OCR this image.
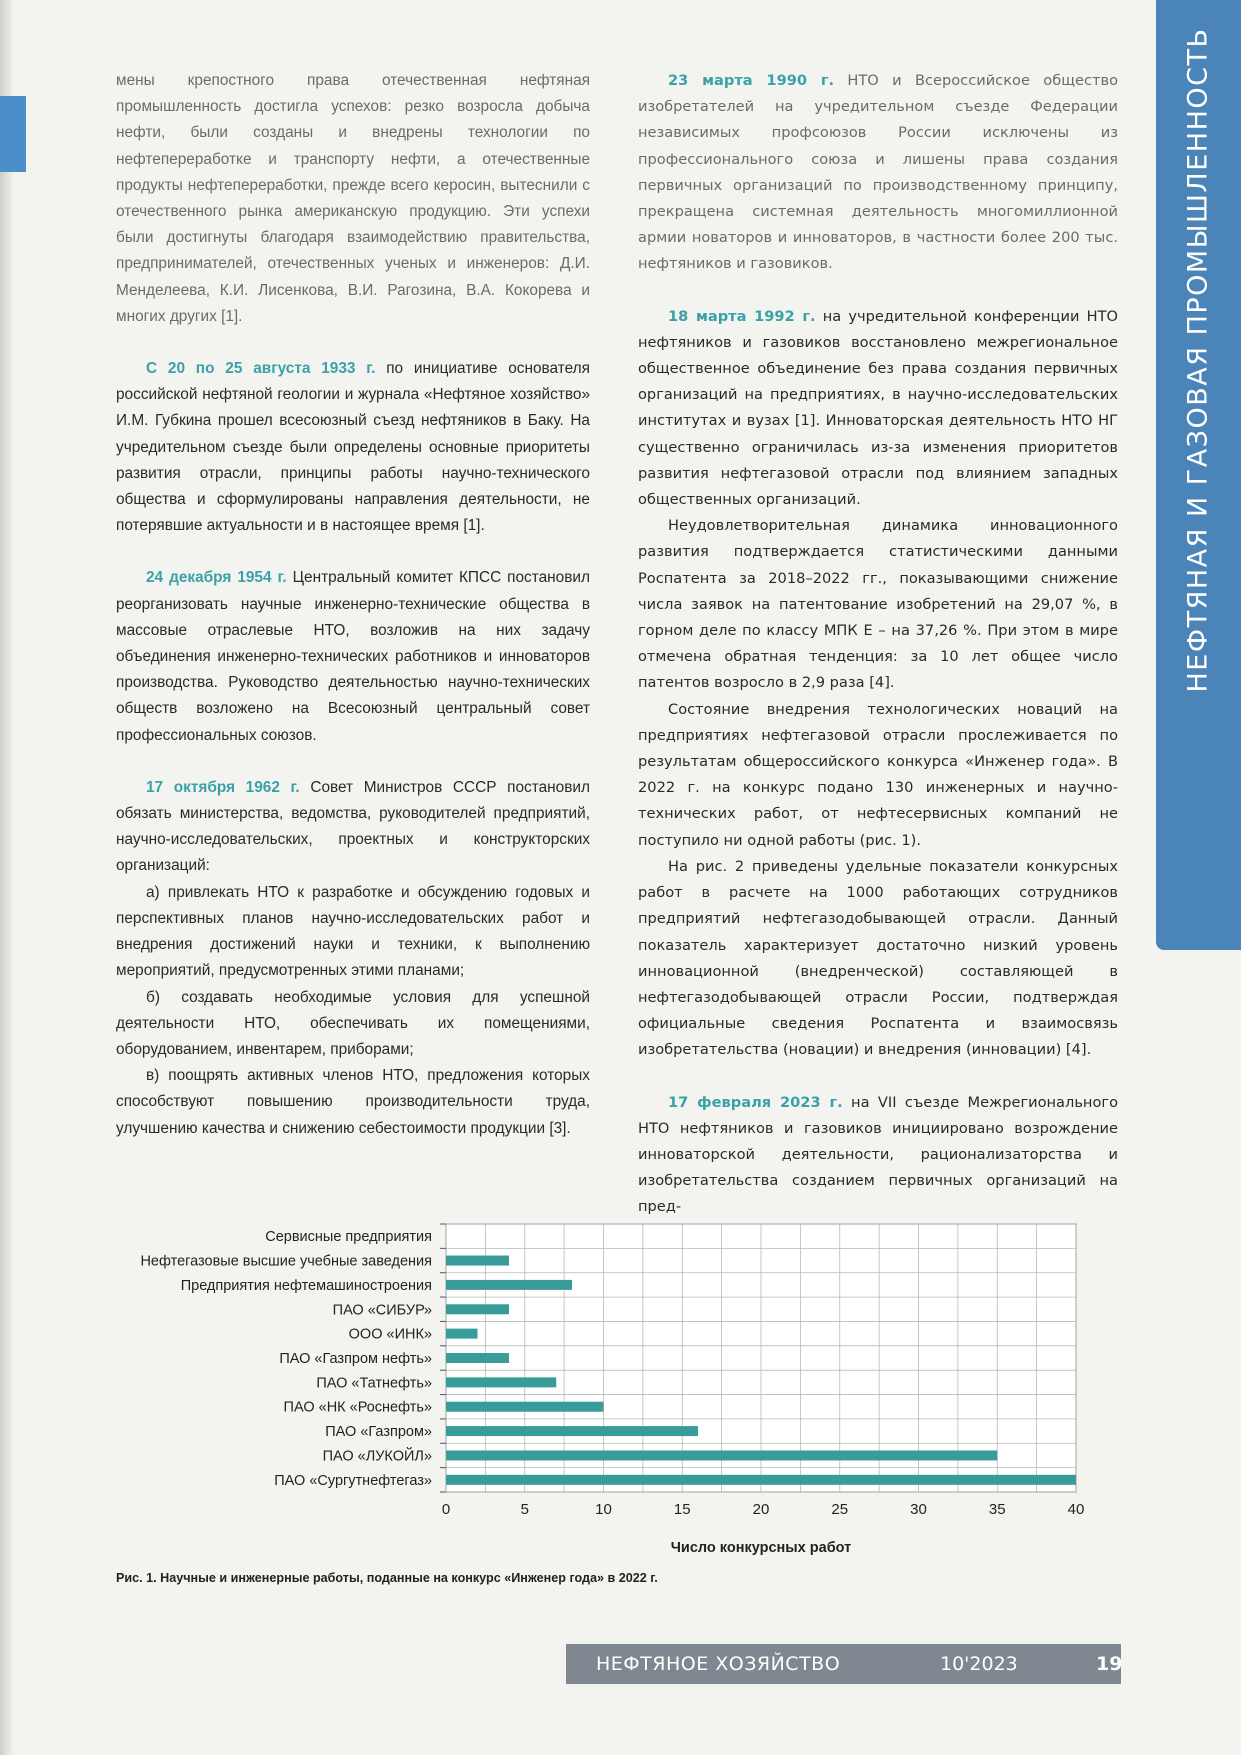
НЕФТЯНАЯ И ГАЗОВАЯ ПРОМЫШЛЕННОСТЬ

мены крепостного права отечественная нефтяная промышленность достигла успехов: резко возросла добыча нефти, были созданы и внедрены технологии по нефтепереработке и транспорту нефти, а отечественные продукты нефтепереработки, прежде всего керосин, вытеснили с отечественного рынка американскую продукцию. Эти успехи были достигнуты благодаря взаимодействию правительства, предпринимателей, отечественных ученых и инженеров: Д.И. Менделеева, К.И. Лисенкова, В.И. Рагозина, В.А. Кокорева и многих других [1].

С 20 по 25 августа 1933 г. по инициативе основателя российской нефтяной геологии и журнала «Нефтяное хозяйство» И.М. Губкина прошел всесоюзный съезд нефтяников в Баку. На учредительном съезде были определены основные приоритеты развития отрасли, принципы работы научно-технического общества и сформулированы направления деятельности, не потерявшие актуальности и в настоящее время [1].

24 декабря 1954 г. Центральный комитет КПСС постановил реорганизовать научные инженерно-технические общества в массовые отраслевые НТО, возложив на них задачу объединения инженерно-технических работников и инноваторов производства. Руководство деятельностью научно-технических обществ возложено на Всесоюзный центральный совет профессиональных союзов.

17 октября 1962 г. Совет Министров СССР постановил обязать министерства, ведомства, руководителей предприятий, научно-исследовательских, проектных и конструкторских организаций:

а) привлекать НТО к разработке и обсуждению годовых и перспективных планов научно-исследовательских работ и внедрения достижений науки и техники, к выполнению мероприятий, предусмотренных этими планами;

б) создавать необходимые условия для успешной деятельности НТО, обеспечивать их помещениями, оборудованием, инвентарем, приборами;

в) поощрять активных членов НТО, предложения которых способствуют повышению производительности труда, улучшению качества и снижению себестоимости продукции [3].

23 марта 1990 г. НТО и Всероссийское общество изобретателей на учредительном съезде Федерации независимых профсоюзов России исключены из профессионального союза и лишены права создания первичных организаций по производственному принципу, прекращена системная деятельность многомиллионной армии новаторов и инноваторов, в частности более 200 тыс. нефтяников и газовиков.

18 марта 1992 г. на учредительной конференции НТО нефтяников и газовиков восстановлено межрегиональное общественное объединение без права создания первичных организаций на предприятиях, в научно-исследовательских институтах и вузах [1]. Инноваторская деятельность НТО НГ существенно ограничилась из-за изменения приоритетов развития нефтегазовой отрасли под влиянием западных общественных организаций.

Неудовлетворительная динамика инновационного развития подтверждается статистическими данными Роспатента за 2018–2022 гг., показывающими снижение числа заявок на патентование изобретений на 29,07 %, в горном деле по классу МПК Е – на 37,26 %. При этом в мире отмечена обратная тенденция: за 10 лет общее число патентов возросло в 2,9 раза [4].

Состояние внедрения технологических новаций на предприятиях нефтегазовой отрасли прослеживается по результатам общероссийского конкурса «Инженер года». В 2022 г. на конкурс подано 130 инженерных и научно-технических работ, от нефтесервисных компаний не поступило ни одной работы (рис. 1).

На рис. 2 приведены удельные показатели конкурсных работ в расчете на 1000 работающих сотрудников предприятий нефтегазодобывающей отрасли. Данный показатель характеризует достаточно низкий уровень инновационной (внедренческой) составляющей в нефтегазодобывающей отрасли России, подтверждая официальные сведения Роспатента и взаимосвязь изобретательства (новации) и внедрения (инновации) [4].

17 февраля 2023 г. на VII съезде Межрегионального НТО нефтяников и газовиков инициировано возрождение инноваторской деятельности, рационализаторства и изобретательства созданием первичных организаций на пред-

Сервисные предприятия
Нефтегазовые высшие учебные заведения
Предприятия нефтемашиностроения
ПАО «СИБУР»
ООО «ИНК»
ПАО «Газпром нефть»
ПАО «Татнефть»
ПАО «НК «Роснефть»
ПАО «Газпром»
ПАО «ЛУКОЙЛ»
ПАО «Сургутнефтегаз»
0	5	10	15	20	25	30	35	40
Число конкурсных работ
Рис. 1. Научные и инженерные работы, поданные на конкурс «Инженер года» в 2022 г.
НЕФТЯНОЕ ХОЗЯЙСТВО	10'2023	19
